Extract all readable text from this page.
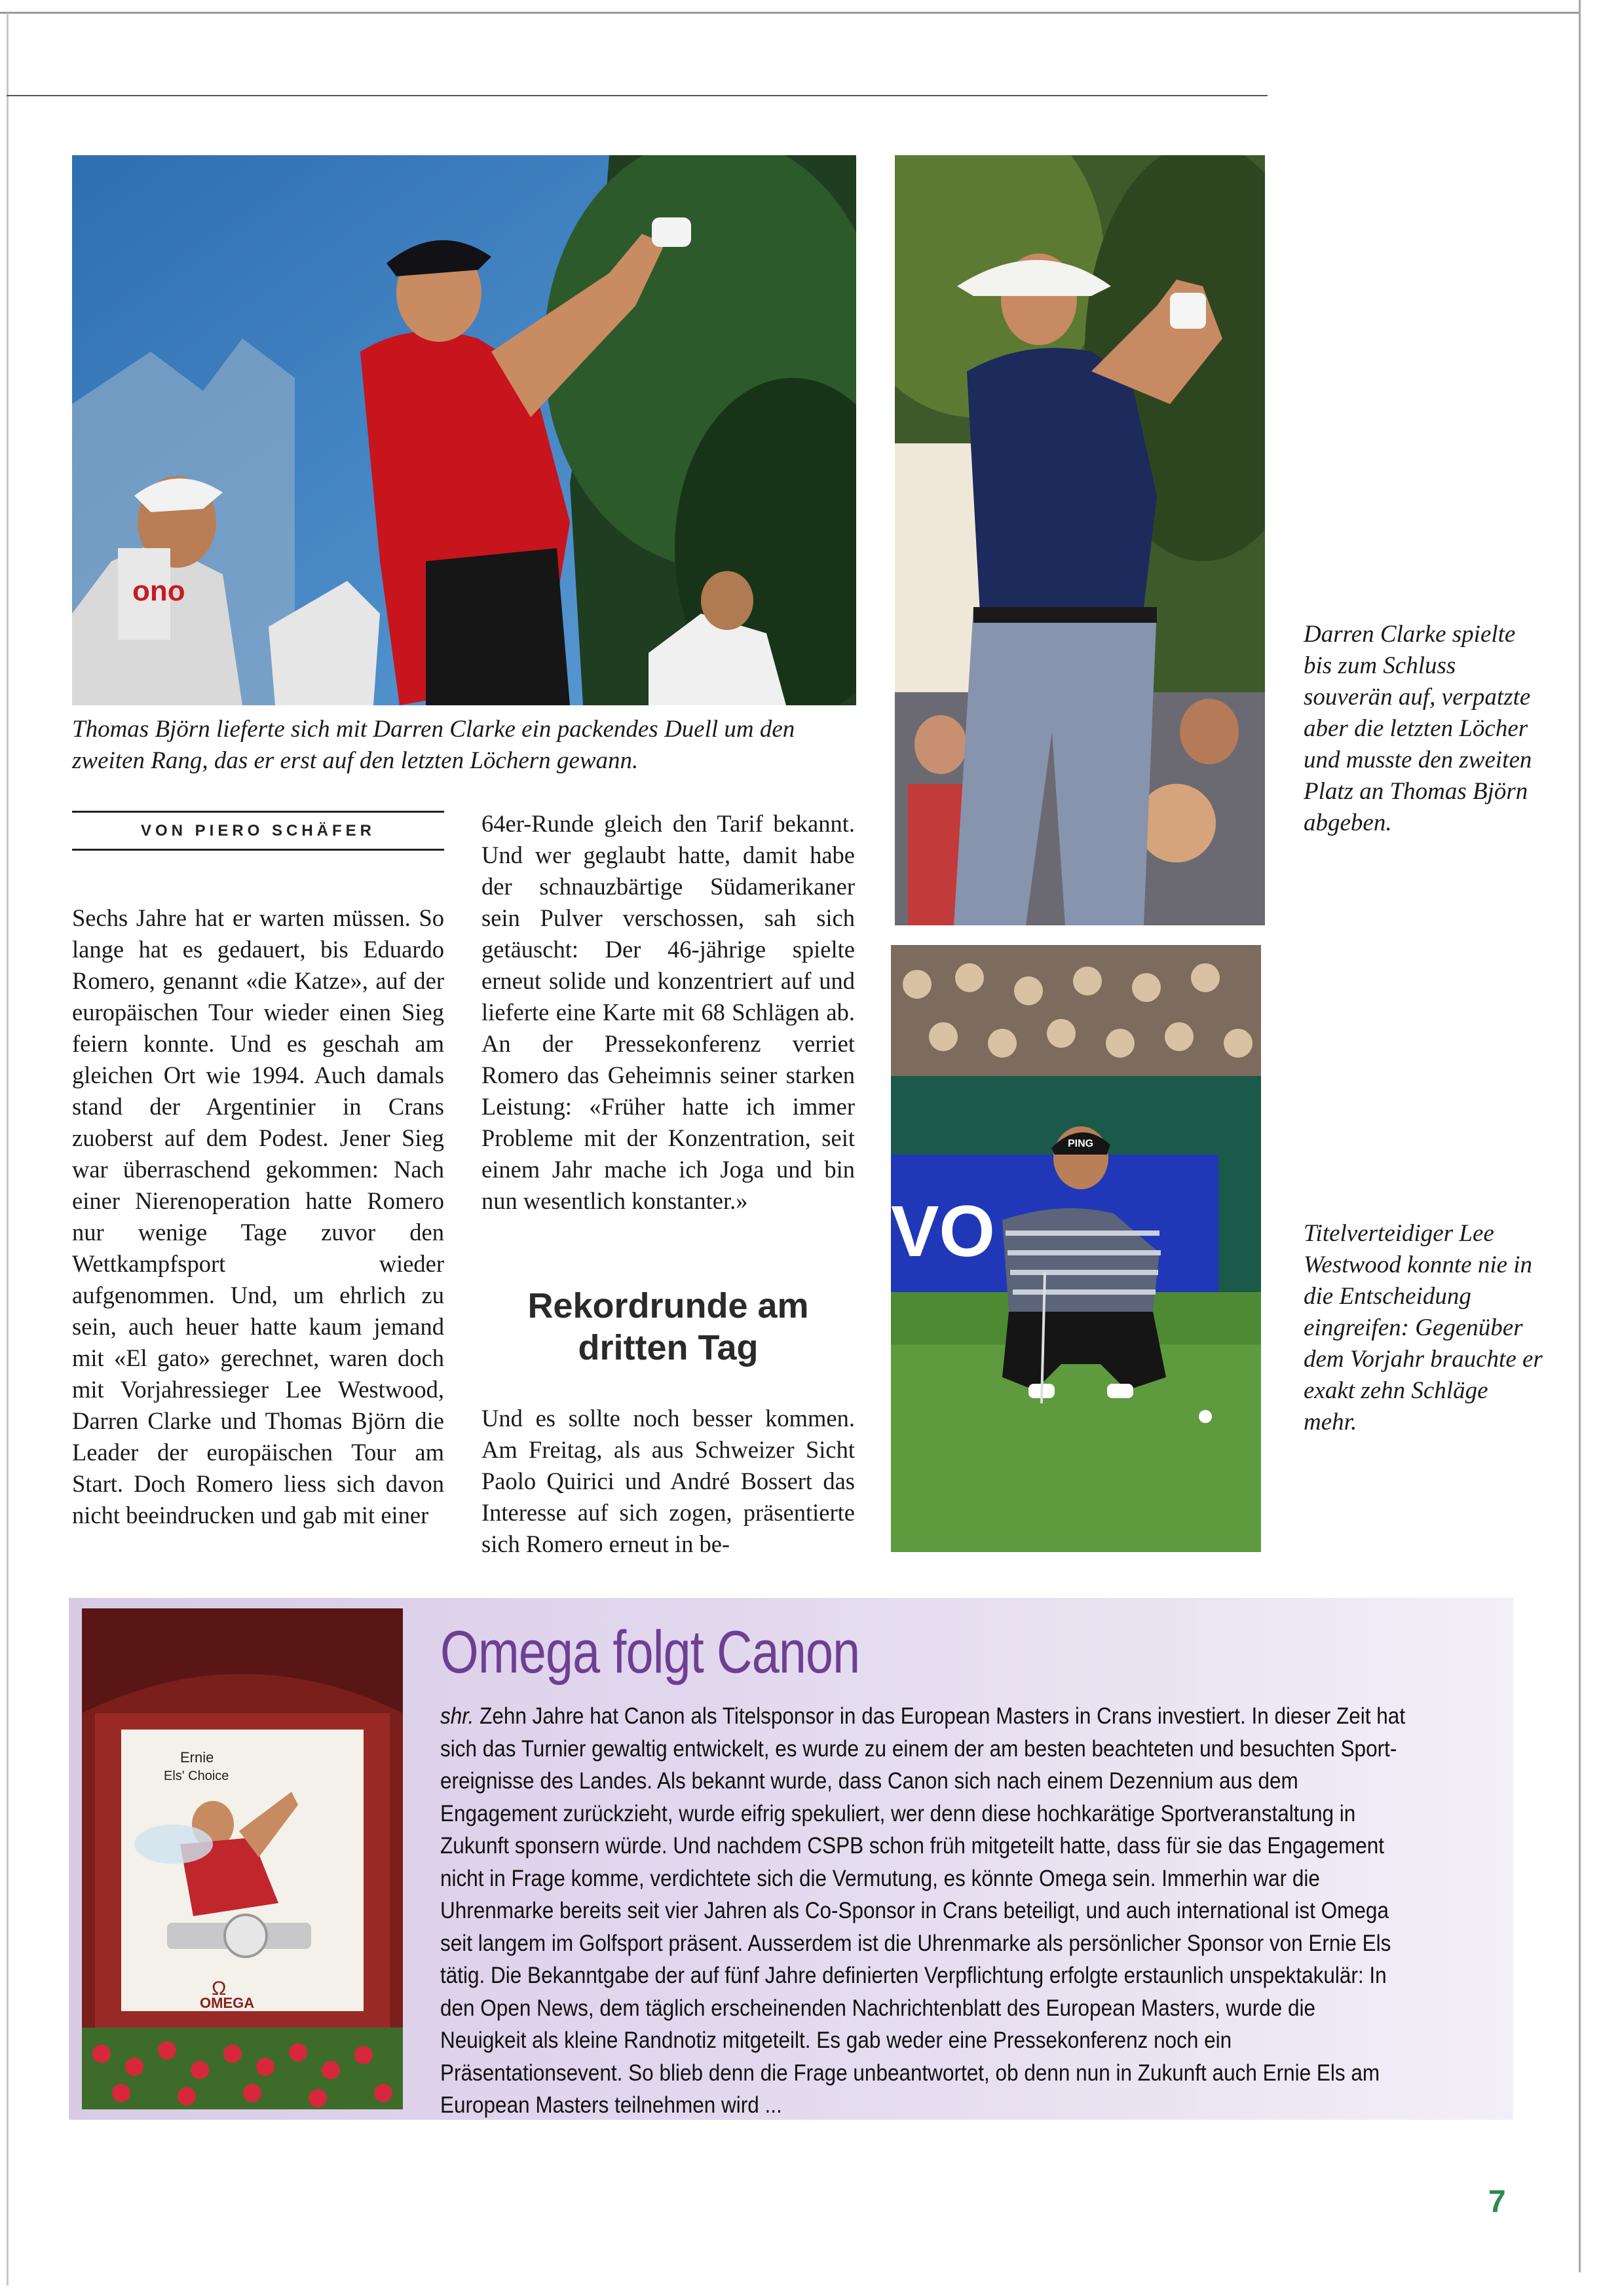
ono
VO
PING
Thomas Björn lieferte sich mit Darren Clarke ein packendes Duell um den zweiten Rang, das er erst auf den letzten Löchern gewann.
Darren Clarke spielte bis zum Schluss souverän auf, verpatzte aber die letzten Löcher und musste den zweiten Platz an Thomas Björn abgeben.
Titelverteidiger Lee Westwood konnte nie in die Entscheidung eingreifen: Gegenüber dem Vorjahr brauchte er exakt zehn Schläge mehr.
VON PIERO SCHÄFER
Sechs Jahre hat er warten müssen. So lange hat es gedauert, bis Eduardo Romero, genannt «die Katze», auf der europäischen Tour wieder einen Sieg feiern konnte. Und es geschah am gleichen Ort wie 1994. Auch damals stand der Argentinier in Crans zuoberst auf dem Podest. Jener Sieg war überraschend gekommen: Nach einer Nierenoperation hatte Romero nur wenige Tage zuvor den Wettkampfsport wieder aufgenommen. Und, um ehrlich zu sein, auch heuer hatte kaum jemand mit «El gato» gerechnet, waren doch mit Vorjahressieger Lee Westwood, Darren Clarke und Thomas Björn die Leader der europäischen Tour am Start. Doch Romero liess sich davon nicht beeindrucken und gab mit einer
64er-Runde gleich den Tarif bekannt. Und wer geglaubt hatte, damit habe der schnauzbärtige Südamerikaner sein Pulver verschossen, sah sich getäuscht: Der 46-jährige spielte erneut solide und konzentriert auf und lieferte eine Karte mit 68 Schlägen ab. An der Pressekonferenz verriet Romero das Geheimnis seiner starken Leistung: «Früher hatte ich immer Probleme mit der Konzentration, seit einem Jahr mache ich Joga und bin nun wesentlich konstanter.»
Rekordrunde am dritten Tag
Und es sollte noch besser kommen. Am Freitag, als aus Schweizer Sicht Paolo Quirici und André Bossert das Interesse auf sich zogen, präsentierte sich Romero erneut in be-
Ernie
Els' Choice
Ω
OMEGA
Omega folgt Canon
shr. Zehn Jahre hat Canon als Titelsponsor in das European Masters in Crans investiert. In dieser Zeit hat sich das Turnier gewaltig entwickelt, es wurde zu einem der am besten beachteten und besuchten Sportereignisse des Landes. Als bekannt wurde, dass Canon sich nach einem Dezennium aus dem Engagement zurückzieht, wurde eifrig spekuliert, wer denn diese hochkarätige Sportveranstaltung in Zukunft sponsern würde. Und nachdem CSPB schon früh mitgeteilt hatte, dass für sie das Engagement nicht in Frage komme, verdichtete sich die Vermutung, es könnte Omega sein. Immerhin war die Uhrenmarke bereits seit vier Jahren als Co-Sponsor in Crans beteiligt, und auch international ist Omega seit langem im Golfsport präsent. Ausserdem ist die Uhrenmarke als persönlicher Sponsor von Ernie Els tätig. Die Bekanntgabe der auf fünf Jahre definierten Verpflichtung erfolgte erstaunlich unspektakulär: In den Open News, dem täglich erscheinenden Nachrichtenblatt des European Masters, wurde die Neuigkeit als kleine Randnotiz mitgeteilt. Es gab weder eine Pressekonferenz noch ein Präsentationsevent. So blieb denn die Frage unbeantwortet, ob denn nun in Zukunft auch Ernie Els am European Masters teilnehmen wird ...
7
